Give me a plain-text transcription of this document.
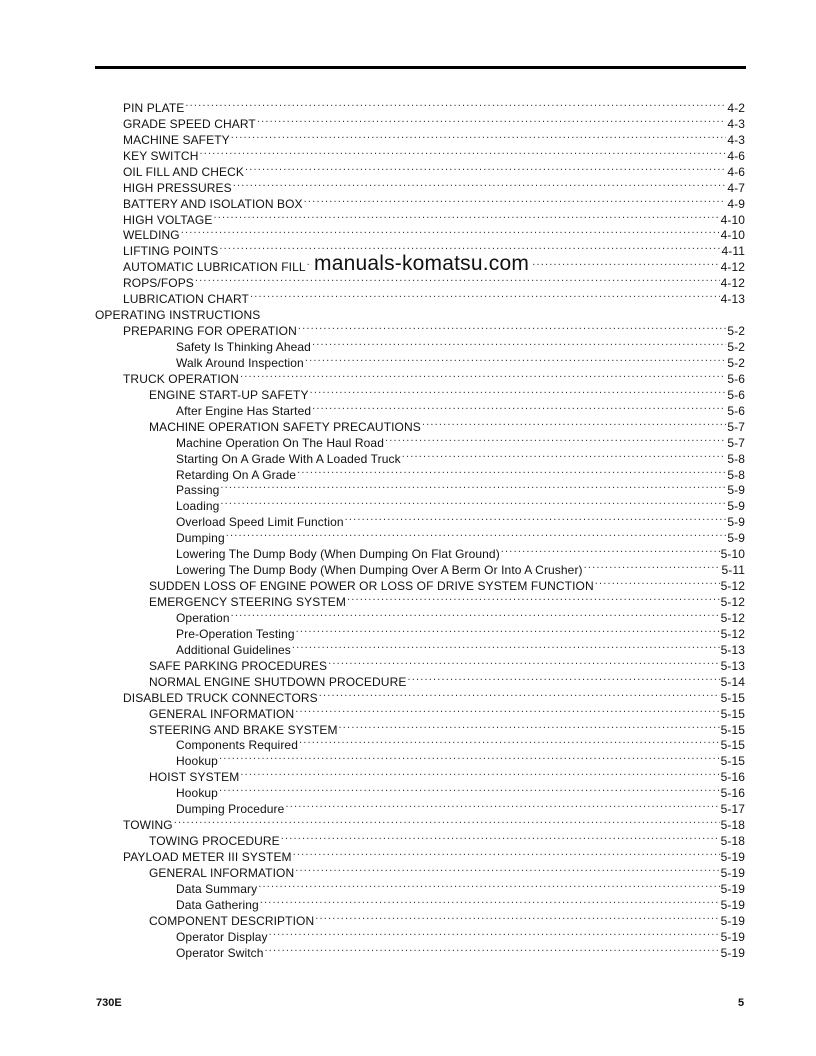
PIN PLATE .....	4-2
GRADE SPEED CHART .....	4-3
MACHINE SAFETY .....	4-3
KEY SWITCH .....	4-6
OIL FILL AND CHECK .....	4-6
HIGH PRESSURES .....	4-7
BATTERY AND ISOLATION BOX .....	4-9
HIGH VOLTAGE .....	4-10
WELDING .....	4-10
LIFTING POINTS .....	4-11
AUTOMATIC LUBRICATION FILL .....	4-12
ROPS/FOPS .....	4-12
LUBRICATION CHART .....	4-13
OPERATING INSTRUCTIONS
PREPARING FOR OPERATION .....	5-2
Safety Is Thinking Ahead .....	5-2
Walk Around Inspection .....	5-2
TRUCK OPERATION .....	5-6
ENGINE START-UP SAFETY .....	5-6
After Engine Has Started .....	5-6
MACHINE OPERATION SAFETY PRECAUTIONS .....	5-7
Machine Operation On The Haul Road .....	5-7
Starting On A Grade With A Loaded Truck .....	5-8
Retarding On A Grade .....	5-8
Passing .....	5-9
Loading .....	5-9
Overload Speed Limit Function .....	5-9
Dumping .....	5-9
Lowering The Dump Body (When Dumping On Flat Ground) .....	5-10
Lowering The Dump Body (When Dumping Over A Berm Or Into A Crusher) .....	5-11
SUDDEN LOSS OF ENGINE POWER OR LOSS OF DRIVE SYSTEM FUNCTION .....	5-12
EMERGENCY STEERING SYSTEM .....	5-12
Operation .....	5-12
Pre-Operation Testing .....	5-12
Additional Guidelines .....	5-13
SAFE PARKING PROCEDURES .....	5-13
NORMAL ENGINE SHUTDOWN PROCEDURE .....	5-14
DISABLED TRUCK CONNECTORS .....	5-15
GENERAL INFORMATION .....	5-15
STEERING AND BRAKE SYSTEM .....	5-15
Components Required .....	5-15
Hookup .....	5-15
HOIST SYSTEM .....	5-16
Hookup .....	5-16
Dumping Procedure .....	5-17
TOWING .....	5-18
TOWING PROCEDURE .....	5-18
PAYLOAD METER III SYSTEM .....	5-19
GENERAL INFORMATION .....	5-19
Data Summary .....	5-19
Data Gathering .....	5-19
COMPONENT DESCRIPTION .....	5-19
Operator Display .....	5-19
Operator Switch .....	5-19
manuals-komatsu.com
730E	5
